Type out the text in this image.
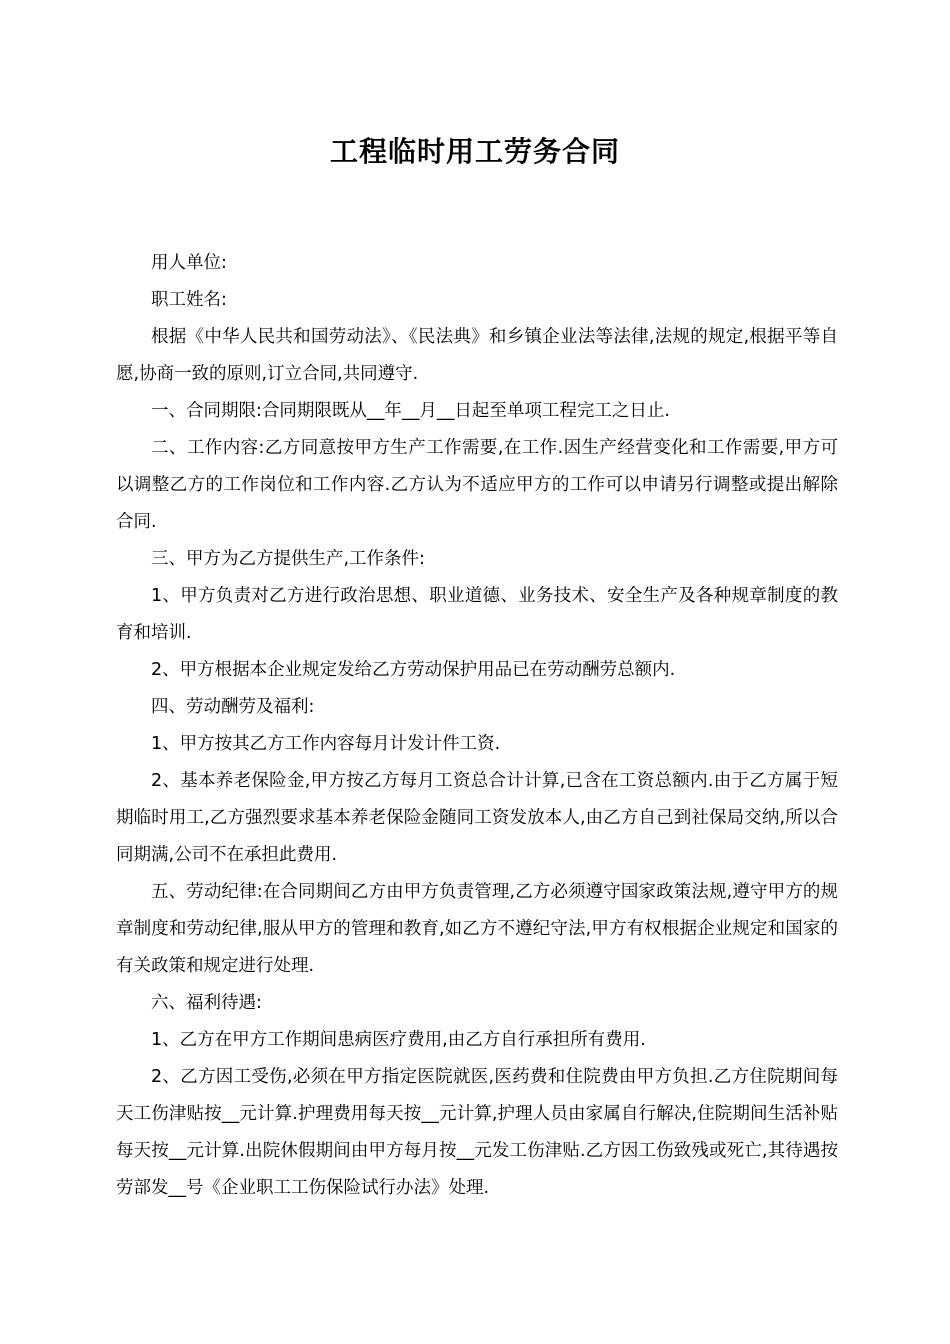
工程临时用工劳务合同

用人单位:

职工姓名:

根据《中华人民共和国劳动法》、《民法典》和乡镇企业法等法律,法规的规定,根据平等自愿,协商一致的原则,订立合同,共同遵守.

一、合同期限:合同期限既从__年__月__日起至单项工程完工之日止.

二、工作内容:乙方同意按甲方生产工作需要,在工作.因生产经营变化和工作需要,甲方可以调整乙方的工作岗位和工作内容.乙方认为不适应甲方的工作可以申请另行调整或提出解除合同.

三、甲方为乙方提供生产,工作条件:

1、甲方负责对乙方进行政治思想、职业道德、业务技术、安全生产及各种规章制度的教育和培训.

2、甲方根据本企业规定发给乙方劳动保护用品已在劳动酬劳总额内.

四、劳动酬劳及福利:

1、甲方按其乙方工作内容每月计发计件工资.

2、基本养老保险金,甲方按乙方每月工资总合计计算,已含在工资总额内.由于乙方属于短期临时用工,乙方强烈要求基本养老保险金随同工资发放本人,由乙方自己到社保局交纳,所以合同期满,公司不在承担此费用.

五、劳动纪律:在合同期间乙方由甲方负责管理,乙方必须遵守国家政策法规,遵守甲方的规章制度和劳动纪律,服从甲方的管理和教育,如乙方不遵纪守法,甲方有权根据企业规定和国家的有关政策和规定进行处理.

六、福利待遇:

1、乙方在甲方工作期间患病医疗费用,由乙方自行承担所有费用.

2、乙方因工受伤,必须在甲方指定医院就医,医药费和住院费由甲方负担.乙方住院期间每天工伤津贴按__元计算.护理费用每天按__元计算,护理人员由家属自行解决,住院期间生活补贴每天按__元计算.出院休假期间由甲方每月按__元发工伤津贴.乙方因工伤致残或死亡,其待遇按劳部发__号《企业职工工伤保险试行办法》处理.
